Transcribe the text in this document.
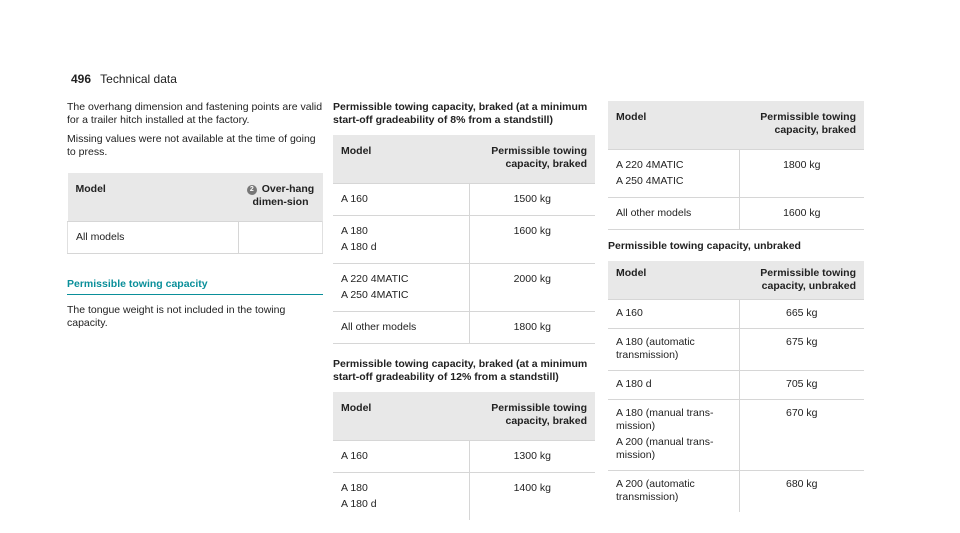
496 Technical data

The overhang dimension and fastening points are valid for a trailer hitch installed at the factory.

Missing values were not available at the time of going to press.

Model	2 Over-hang dimen-sion
All models	
Permissible towing capacity

The tongue weight is not included in the towing capacity.

Permissible towing capacity, braked (at a minimum start-off gradeability of 8% from a standstill)

Model	Permissible towing capacity, braked

A 160	1500 kg

A 180
A 180 d	1600 kg

A 220 4MATIC
A 250 4MATIC	2000 kg

All other models	1800 kg

Permissible towing capacity, braked (at a minimum start-off gradeability of 12% from a standstill)

Model	Permissible towing capacity, braked

A 160	1300 kg

A 180
A 180 d	1400 kg
Model	Permissible towing capacity, braked

A 220 4MATIC
A 250 4MATIC	1800 kg

All other models	1600 kg

Permissible towing capacity, unbraked

Model	Permissible towing capacity, unbraked

A 160	665 kg

A 180 (automatic transmission)	675 kg

A 180 d	705 kg

A 180 (manual trans-mission)
A 200 (manual trans-mission)	670 kg

A 200 (automatic transmission)	680 kg
